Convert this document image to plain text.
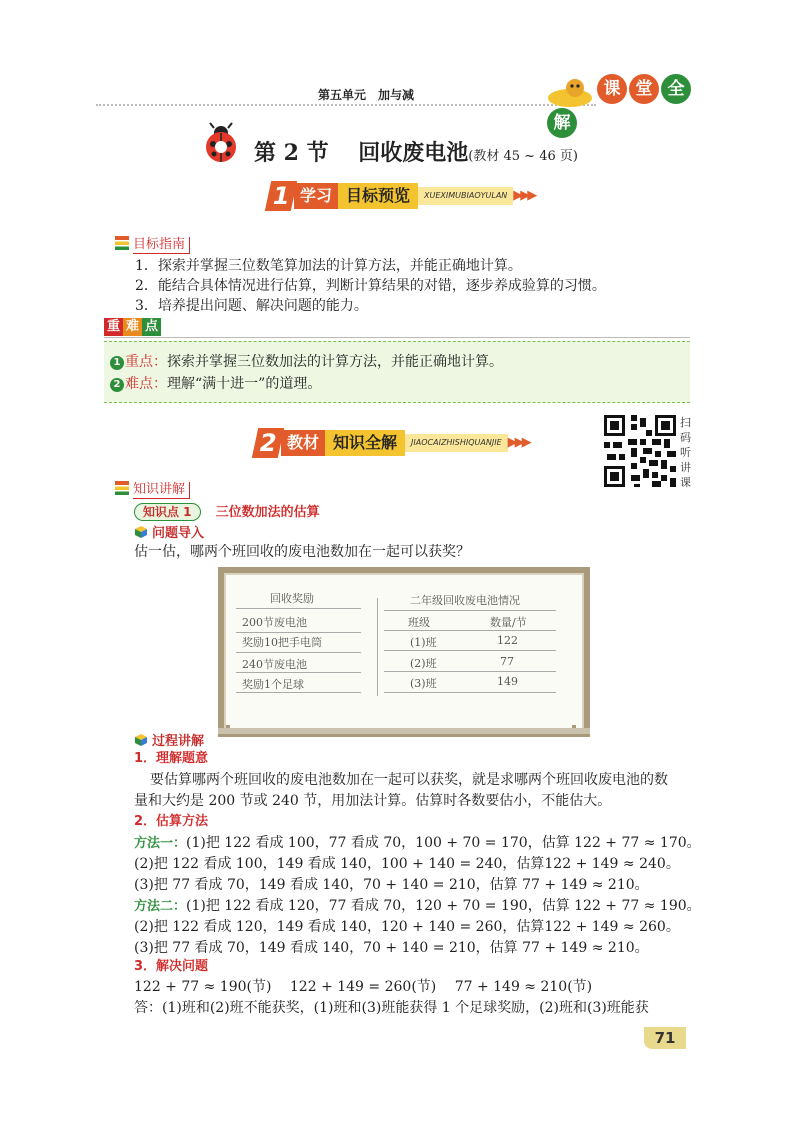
第五单元　加与减	课 堂 全解
第 2 节　 回收废电池(教材 45 ~ 46 页)
1 学习 目标预览 XUEXIMUBIAOYULAN ▶▶▶
目标指南
1．探索并掌握三位数笔算加法的计算方法，并能正确地计算。
2．能结合具体情况进行估算，判断计算结果的对错，逐步养成验算的习惯。
3．培养提出问题、解决问题的能力。
重 难 点
1 重点：探索并掌握三位数加法的计算方法，并能正确地计算。
2 难点：理解“满十进一”的道理。
2 教材 知识全解 JIAOCAIZHISHIQUANJIE ▶▶▶
扫
码
听
讲
课
知识讲解
知识点 1 三位数加法的估算
问题导入
估一估，哪两个班回收的废电池数加在一起可以获奖？
回收奖励
200节废电池
奖励10把手电筒
240节废电池
奖励1个足球
二年级回收废电池情况
班级	数量/节
(1)班	122
(2)班	77
(3)班	149
过程讲解
1．理解题意
要估算哪两个班回收的废电池数加在一起可以获奖，就是求哪两个班回收废电池的数
量和大约是 200 节或 240 节，用加法计算。估算时各数要估小，不能估大。
2．估算方法
方法一：(1)把 122 看成 100，77 看成 70，100 + 70 = 170，估算 122 + 77 ≈ 170。
(2)把 122 看成 100，149 看成 140，100 + 140 = 240，估算122 + 149 ≈ 240。
(3)把 77 看成 70，149 看成 140，70 + 140 = 210，估算 77 + 149 ≈ 210。
方法二：(1)把 122 看成 120，77 看成 70，120 + 70 = 190，估算 122 + 77 ≈ 190。
(2)把 122 看成 120，149 看成 140，120 + 140 = 260，估算122 + 149 ≈ 260。
(3)把 77 看成 70，149 看成 140，70 + 140 = 210，估算 77 + 149 ≈ 210。
3．解决问题
122 + 77 ≈ 190(节)　 122 + 149 = 260(节)　 77 + 149 ≈ 210(节)
答：(1)班和(2)班不能获奖，(1)班和(3)班能获得 1 个足球奖励，(2)班和(3)班能获
71
